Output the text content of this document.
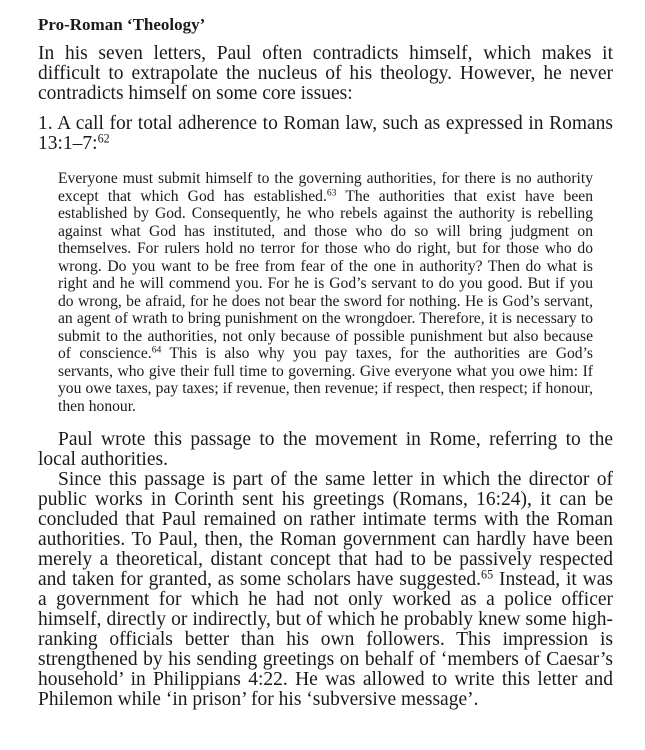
Pro-Roman ‘Theology’

In his seven letters, Paul often contradicts himself, which makes it difficult to extrapolate the nucleus of his theology. However, he never contradicts himself on some core issues:

1. A call for total adherence to Roman law, such as expressed in Romans 13:1–7:$^{62}$

Everyone must submit himself to the governing authorities, for there is no authority except that which God has established.$^{63}$ The authorities that exist have been established by God. Consequently, he who rebels against the authority is rebelling against what God has instituted, and those who do so will bring judgment on themselves. For rulers hold no terror for those who do right, but for those who do wrong. Do you want to be free from fear of the one in authority? Then do what is right and he will commend you. For he is God’s servant to do you good. But if you do wrong, be afraid, for he does not bear the sword for nothing. He is God’s servant, an agent of wrath to bring punishment on the wrongdoer. Therefore, it is necessary to submit to the authorities, not only because of possible punishment but also because of conscience.$^{64}$ This is also why you pay taxes, for the authorities are God’s servants, who give their full time to governing. Give everyone what you owe him: If you owe taxes, pay taxes; if revenue, then revenue; if respect, then respect; if honour, then honour.

Paul wrote this passage to the movement in Rome, referring to the local authorities.

Since this passage is part of the same letter in which the director of public works in Corinth sent his greetings (Romans, 16:24), it can be concluded that Paul remained on rather intimate terms with the Roman authorities. To Paul, then, the Roman government can hardly have been merely a theoretical, distant concept that had to be passively respected and taken for granted, as some scholars have suggested.$^{65}$ Instead, it was a government for which he had not only worked as a police officer himself, directly or indirectly, but of which he probably knew some high-ranking officials better than his own followers. This impression is strengthened by his sending greetings on behalf of ‘members of Caesar’s household’ in Philippians 4:22. He was allowed to write this letter and Philemon while ‘in prison’ for his ‘subversive message’.
